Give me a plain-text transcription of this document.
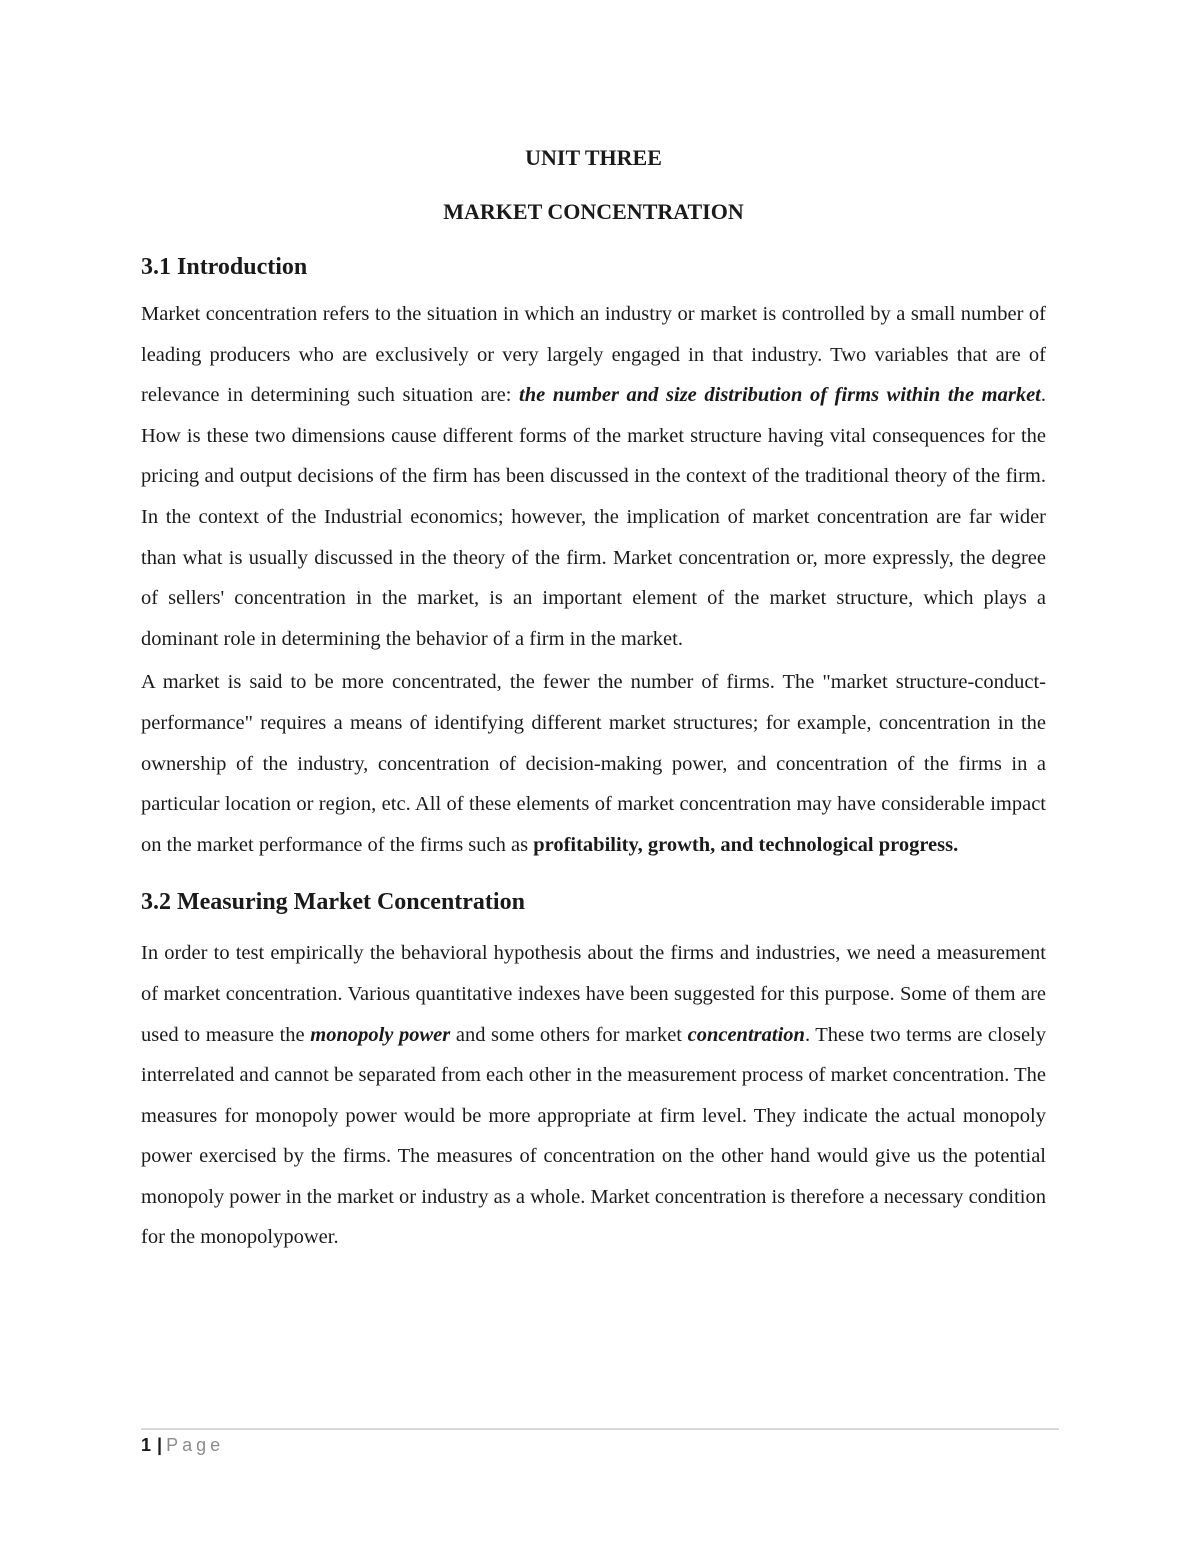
UNIT THREE
MARKET CONCENTRATION
3.1 Introduction

Market concentration refers to the situation in which an industry or market is controlled by a small number of leading producers who are exclusively or very largely engaged in that industry. Two variables that are of relevance in determining such situation are: the number and size distribution of firms within the market. How is these two dimensions cause different forms of the market structure having vital consequences for the pricing and output decisions of the firm has been discussed in the context of the traditional theory of the firm. In the context of the Industrial economics; however, the implication of market concentration are far wider than what is usually discussed in the theory of the firm. Market concentration or, more expressly, the degree of sellers' concentration in the market, is an important element of the market structure, which plays a dominant role in determining the behavior of a firm in the market.

A market is said to be more concentrated, the fewer the number of firms. The "market structure-conduct-performance" requires a means of identifying different market structures; for example, concentration in the ownership of the industry, concentration of decision-making power, and concentration of the firms in a particular location or region, etc. All of these elements of market concentration may have considerable impact on the market performance of the firms such as profitability, growth, and technological progress.

3.2 Measuring Market Concentration

In order to test empirically the behavioral hypothesis about the firms and industries, we need a measurement of market concentration. Various quantitative indexes have been suggested for this purpose. Some of them are used to measure the monopoly power and some others for market concentration. These two terms are closely interrelated and cannot be separated from each other in the measurement process of market concentration. The measures for monopoly power would be more appropriate at firm level. They indicate the actual monopoly power exercised by the firms. The measures of concentration on the other hand would give us the potential monopoly power in the market or industry as a whole. Market concentration is therefore a necessary condition for the monopolypower.

1 | Page
